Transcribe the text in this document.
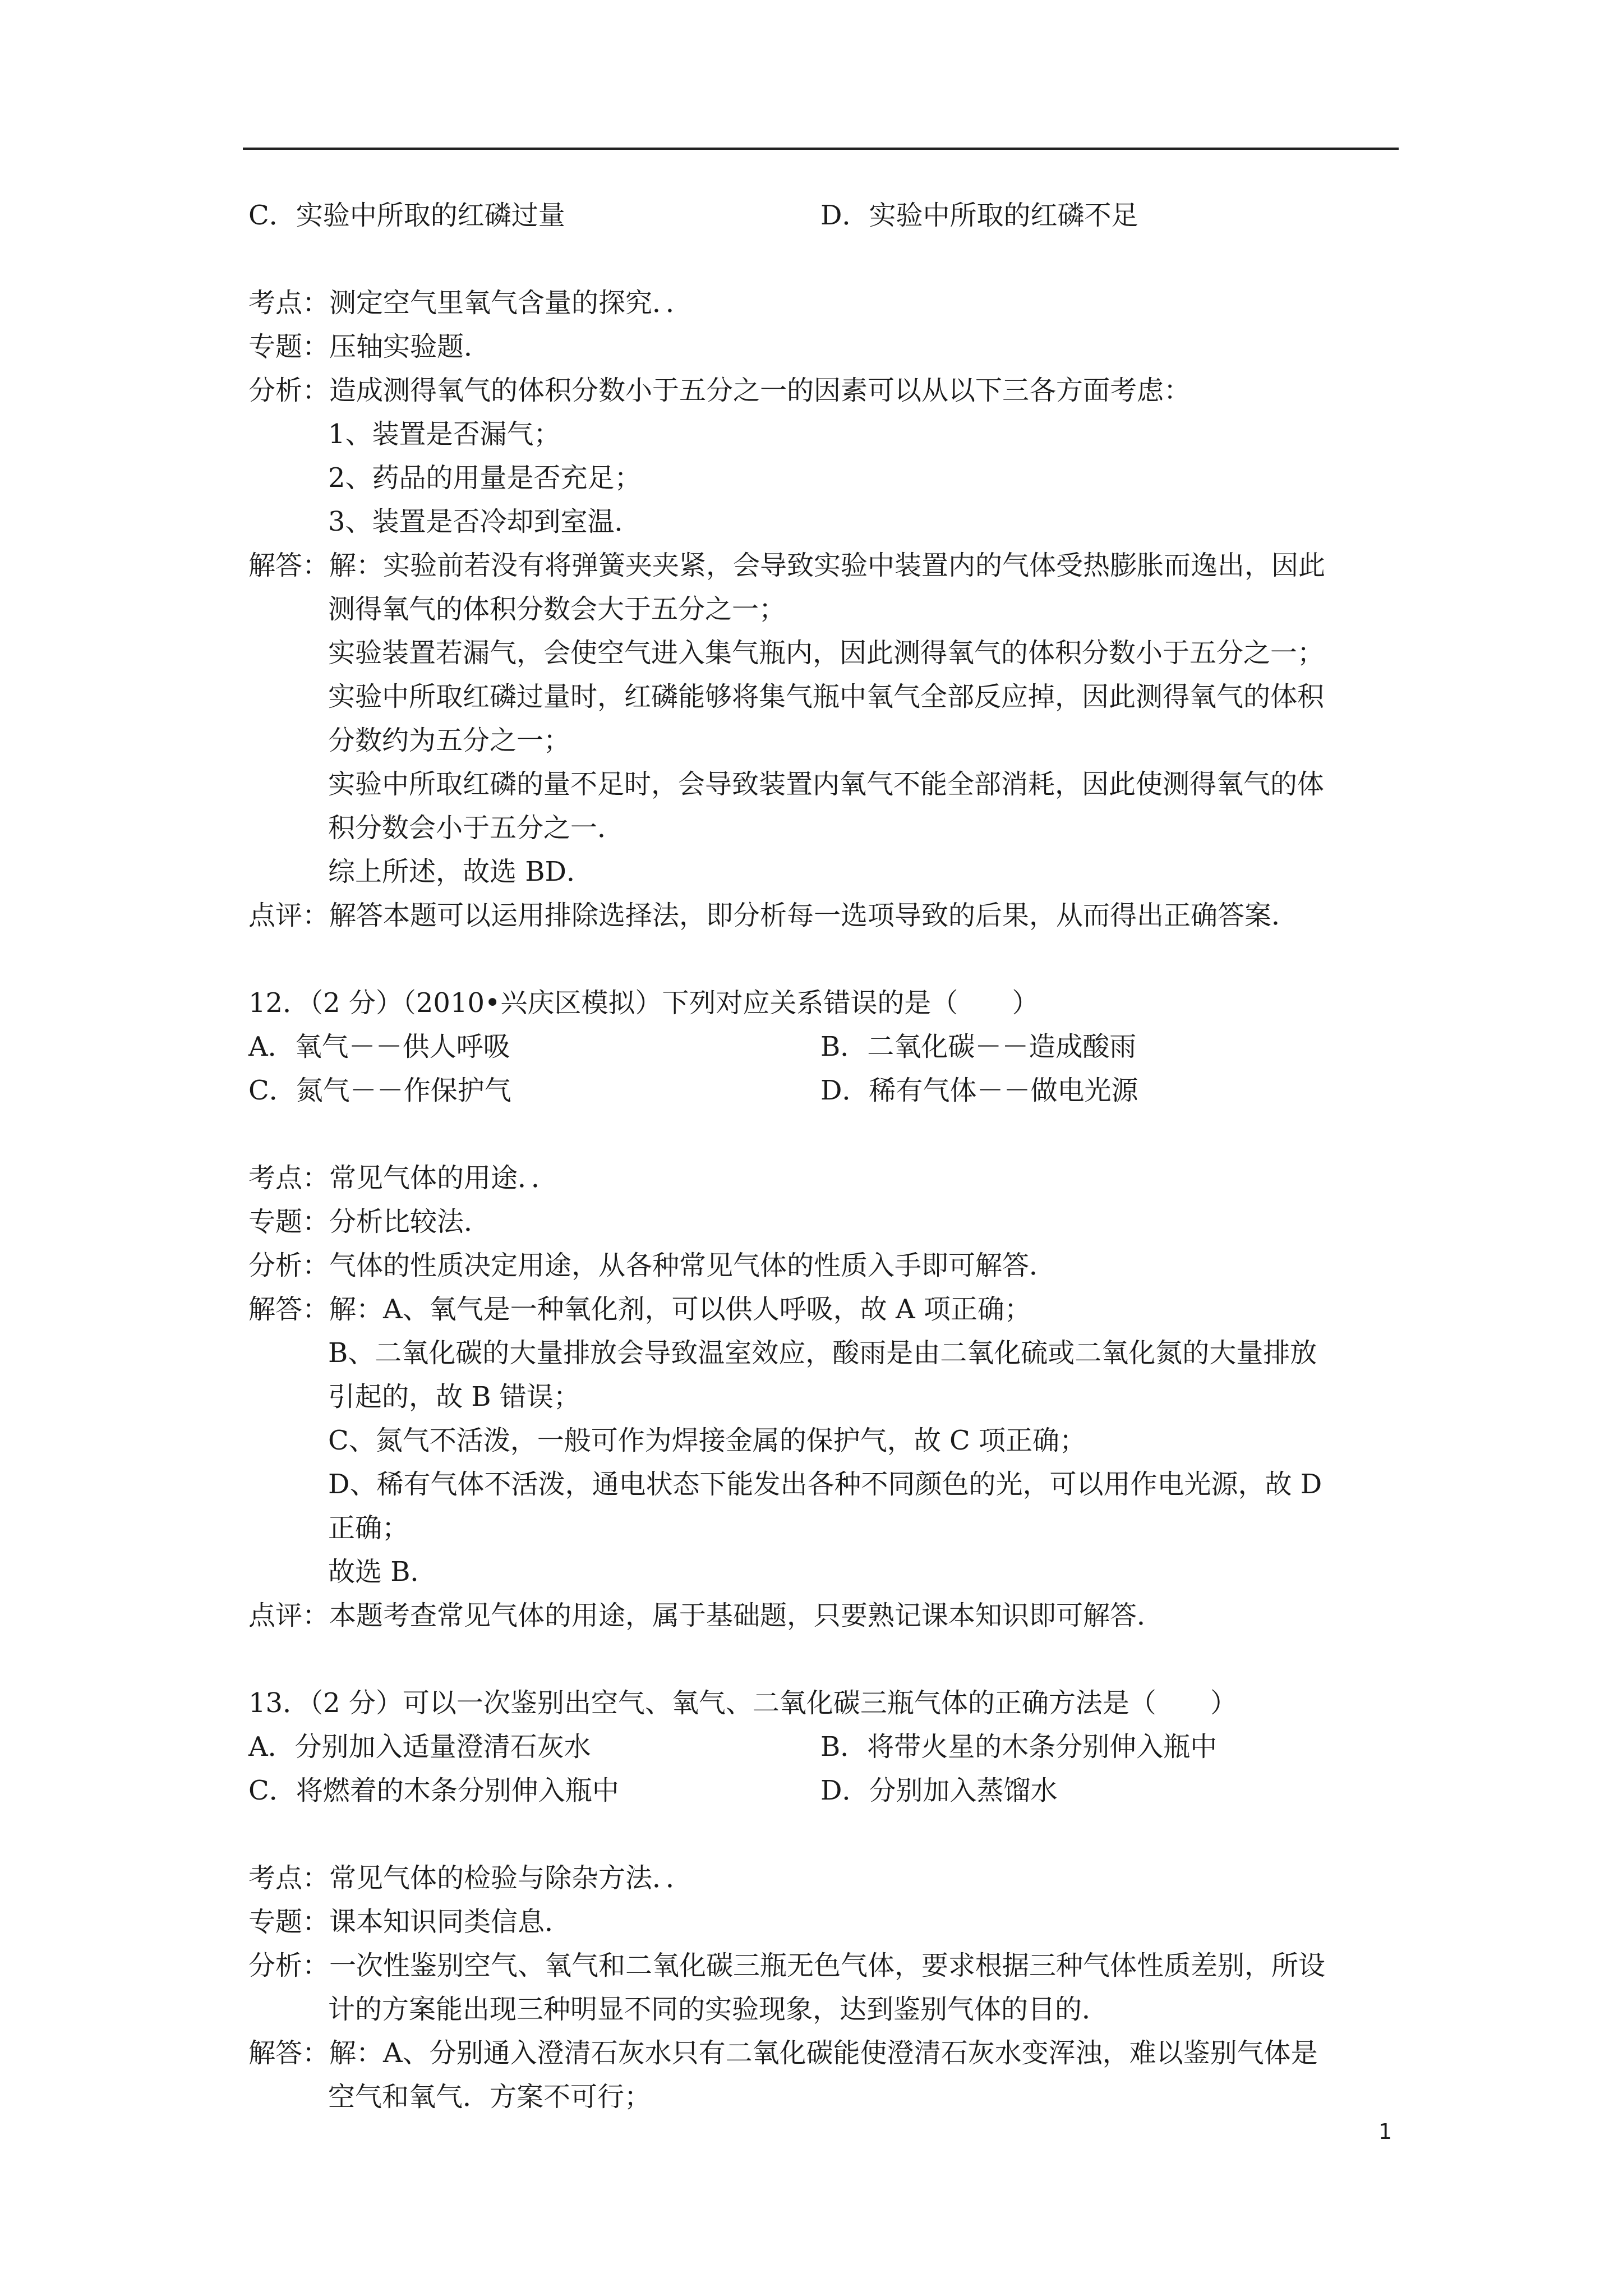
C．实验中所取的红磷过量	D．实验中所取的红磷不足
考点：测定空气里氧气含量的探究．．
专题：压轴实验题．
分析：造成测得氧气的体积分数小于五分之一的因素可以从以下三各方面考虑：
1、装置是否漏气；
2、药品的用量是否充足；
3、装置是否冷却到室温．
解答：解：实验前若没有将弹簧夹夹紧，会导致实验中装置内的气体受热膨胀而逸出，因此
测得氧气的体积分数会大于五分之一；
实验装置若漏气，会使空气进入集气瓶内，因此测得氧气的体积分数小于五分之一；
实验中所取红磷过量时，红磷能够将集气瓶中氧气全部反应掉，因此测得氧气的体积
分数约为五分之一；
实验中所取红磷的量不足时，会导致装置内氧气不能全部消耗，因此使测得氧气的体
积分数会小于五分之一．
综上所述，故选 BD．
点评：解答本题可以运用排除选择法，即分析每一选项导致的后果，从而得出正确答案．
12．（2 分）（2010•兴庆区模拟）下列对应关系错误的是（　　）
A．氧气－－供人呼吸	B．二氧化碳－－造成酸雨
C．氮气－－作保护气	D．稀有气体－－做电光源
考点：常见气体的用途．．
专题：分析比较法．
分析：气体的性质决定用途，从各种常见气体的性质入手即可解答．
解答：解：A、氧气是一种氧化剂，可以供人呼吸，故 A 项正确；
B、二氧化碳的大量排放会导致温室效应，酸雨是由二氧化硫或二氧化氮的大量排放
引起的，故 B 错误；
C、氮气不活泼，一般可作为焊接金属的保护气，故 C 项正确；
D、稀有气体不活泼，通电状态下能发出各种不同颜色的光，可以用作电光源，故 D
正确；
故选 B．
点评：本题考查常见气体的用途，属于基础题，只要熟记课本知识即可解答．
13．（2 分）可以一次鉴别出空气、氧气、二氧化碳三瓶气体的正确方法是（　　）
A．分别加入适量澄清石灰水	B．将带火星的木条分别伸入瓶中
C．将燃着的木条分别伸入瓶中	D．分别加入蒸馏水
考点：常见气体的检验与除杂方法．．
专题：课本知识同类信息．
分析：一次性鉴别空气、氧气和二氧化碳三瓶无色气体，要求根据三种气体性质差别，所设
计的方案能出现三种明显不同的实验现象，达到鉴别气体的目的．
解答：解：A、分别通入澄清石灰水只有二氧化碳能使澄清石灰水变浑浊，难以鉴别气体是
空气和氧气．方案不可行；
1
